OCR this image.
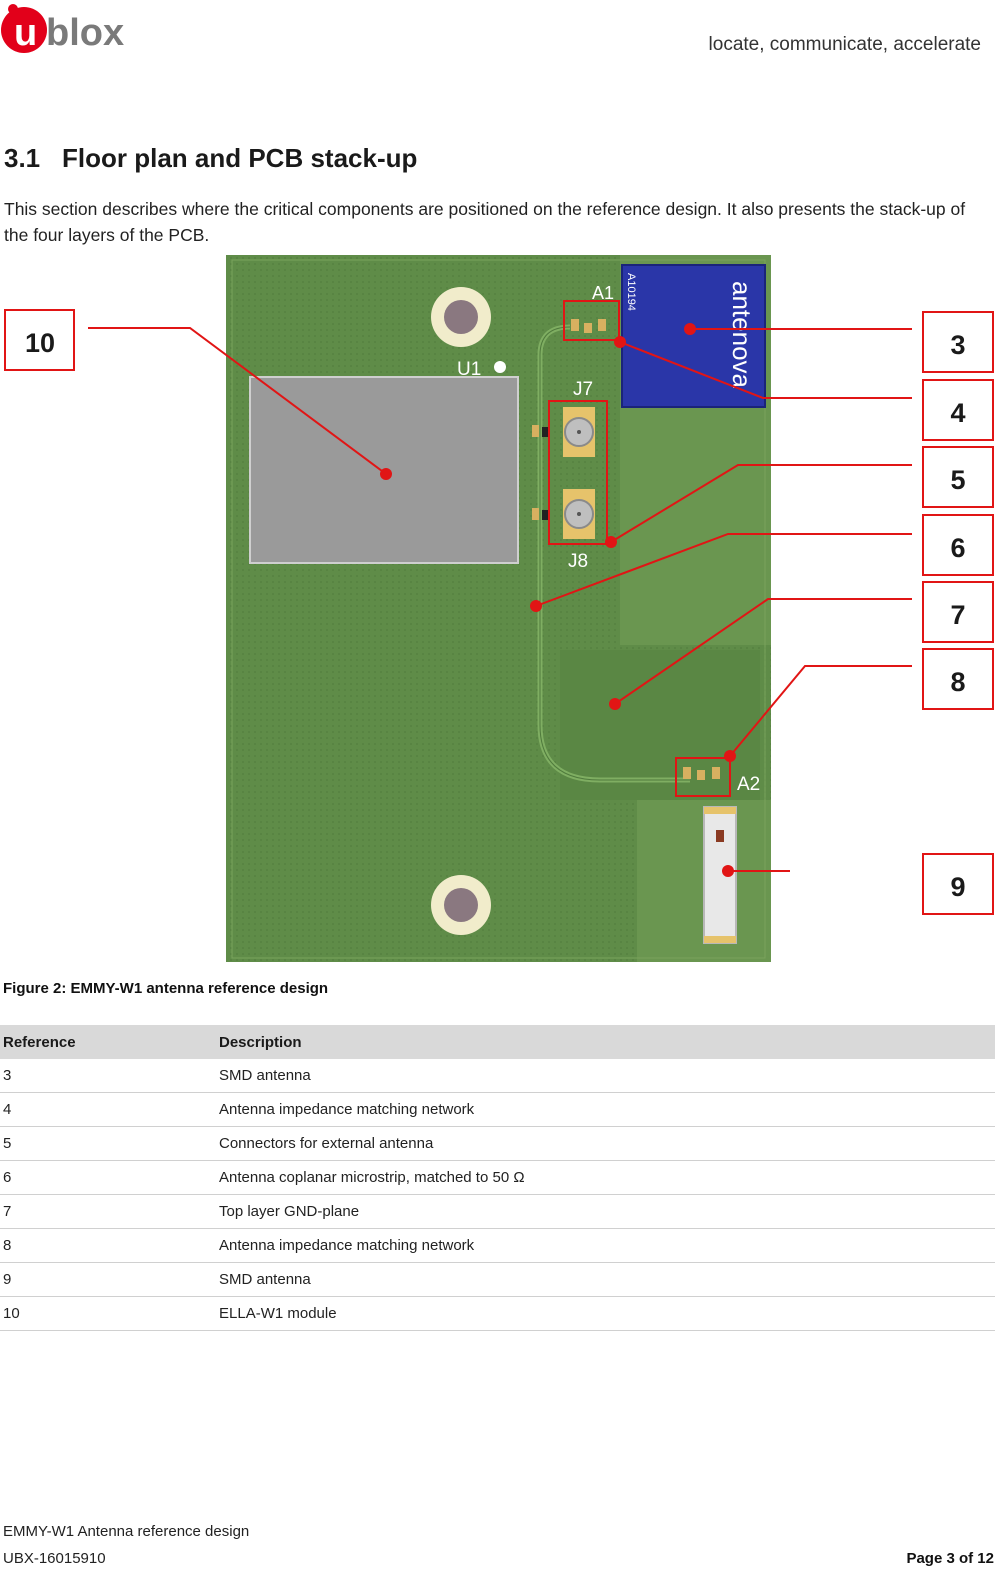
u blox	locate, communicate, accelerate
3.1 Floor plan and PCB stack-up
This section describes where the critical components are positioned on the reference design. It also presents the stack-up of the four layers of the PCB.
U1
A1	antenova
A10194
J7
J8
A2
10	3
4
5
6
7
8
9
Figure 2: EMMY-W1 antenna reference design
Reference	Description
3	SMD antenna
4	Antenna impedance matching network
5	Connectors for external antenna
6	Antenna coplanar microstrip, matched to 50 Ω
7	Top layer GND-plane
8	Antenna impedance matching network
9	SMD antenna
10	ELLA-W1 module
EMMY-W1 Antenna reference design
UBX-16015910	Page 3 of 12
